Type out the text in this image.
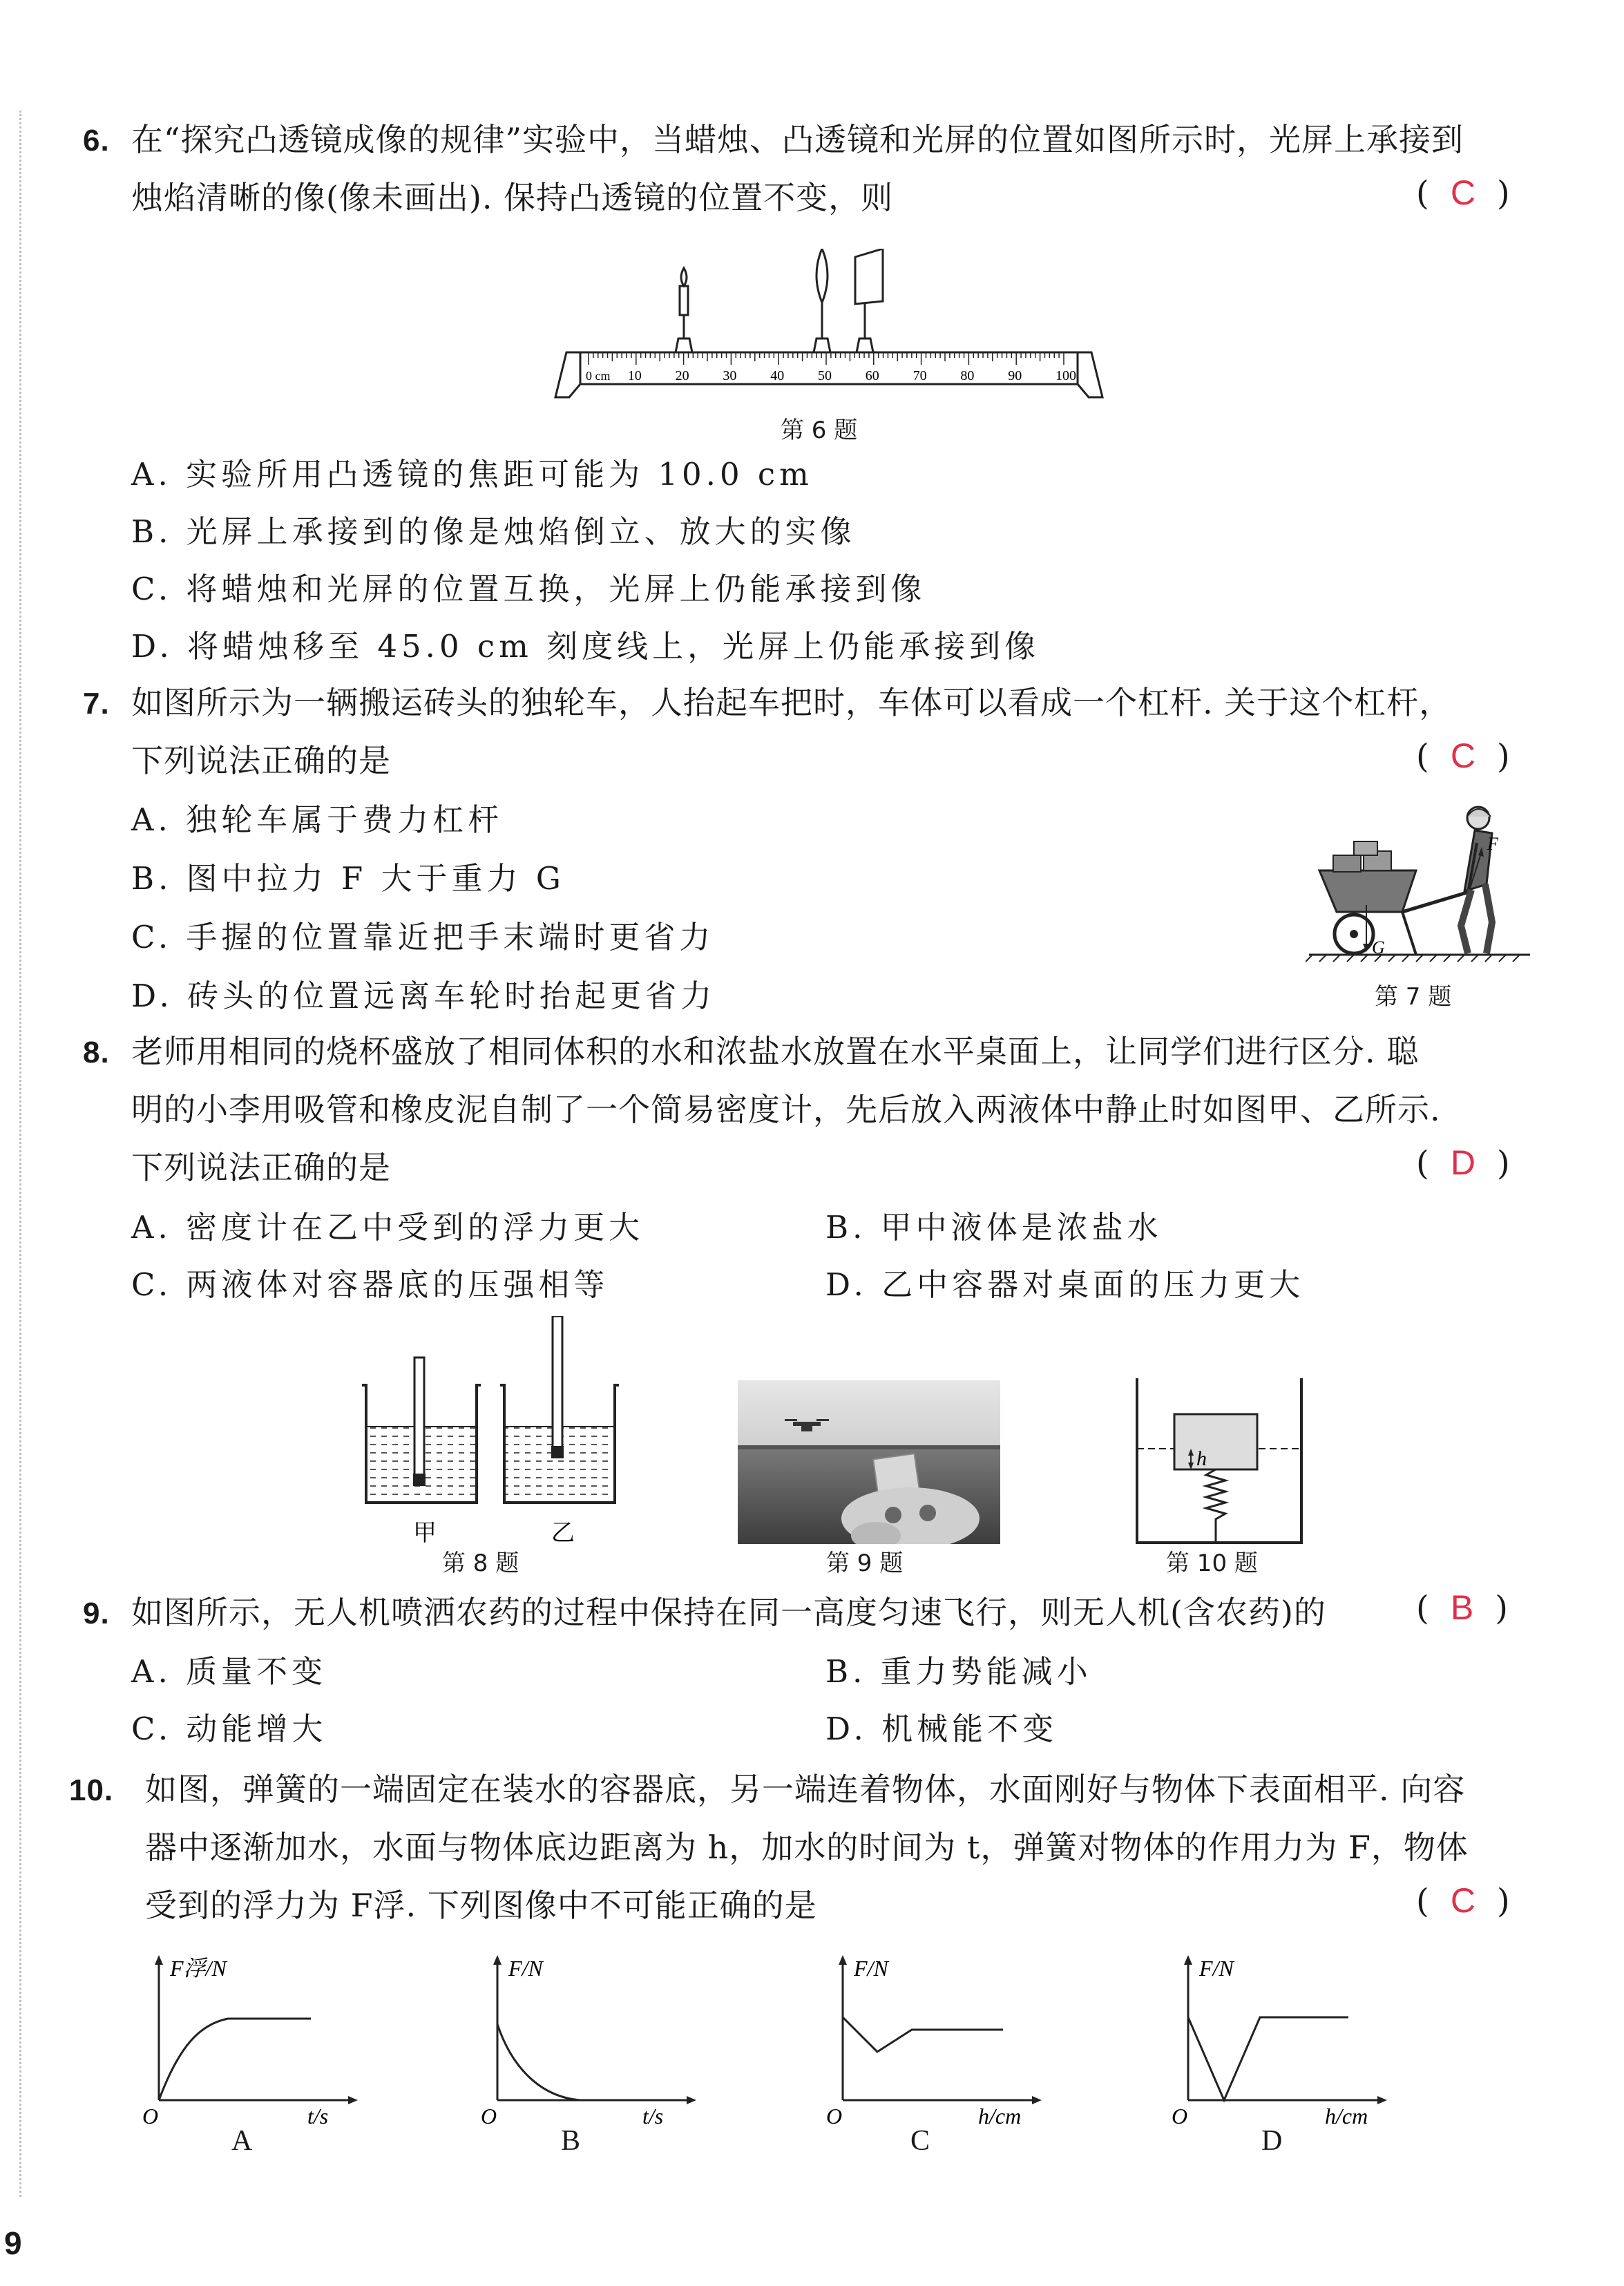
6. 在“探究凸透镜成像的规律”实验中，当蜡烛、凸透镜和光屏的位置如图所示时，光屏上承接到
烛焰清晰的像(像未画出). 保持凸透镜的位置不变，则	( C )
0 cm 10 20 30 40 50 60 70 80 90 100
第 6 题
A. 实验所用凸透镜的焦距可能为 10.0 cm
B. 光屏上承接到的像是烛焰倒立、放大的实像
C. 将蜡烛和光屏的位置互换，光屏上仍能承接到像
D. 将蜡烛移至 45.0 cm 刻度线上，光屏上仍能承接到像
7. 如图所示为一辆搬运砖头的独轮车，人抬起车把时，车体可以看成一个杠杆. 关于这个杠杆，
下列说法正确的是	( C )
A. 独轮车属于费力杠杆
B. 图中拉力 F 大于重力 G
C. 手握的位置靠近把手末端时更省力
D. 砖头的位置远离车轮时抬起更省力
F
G
第 7 题
8. 老师用相同的烧杯盛放了相同体积的水和浓盐水放置在水平桌面上，让同学们进行区分. 聪
明的小李用吸管和橡皮泥自制了一个简易密度计，先后放入两液体中静止时如图甲、乙所示.
下列说法正确的是	( D )
A. 密度计在乙中受到的浮力更大	B. 甲中液体是浓盐水
C. 两液体对容器底的压强相等	D. 乙中容器对桌面的压力更大
甲	乙
第 8 题	第 9 题
h
第 10 题
9. 如图所示，无人机喷洒农药的过程中保持在同一高度匀速飞行，则无人机(含农药)的	( B )
A. 质量不变	B. 重力势能减小
C. 动能增大	D. 机械能不变
10. 如图，弹簧的一端固定在装水的容器底，另一端连着物体，水面刚好与物体下表面相平. 向容
器中逐渐加水，水面与物体底边距离为 h，加水的时间为 t，弹簧对物体的作用力为 F，物体
受到的浮力为 F浮. 下列图像中不可能正确的是	( C )
F浮/N
t/s
O
A
F/N
t/s
O
B
F/N
h/cm
O
C
F/N
h/cm
O
D
9
